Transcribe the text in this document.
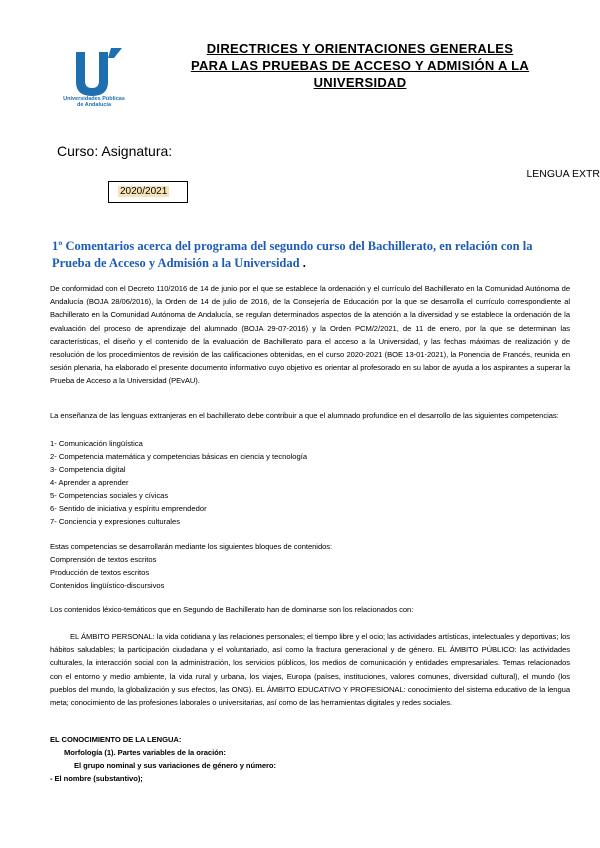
Universidades Públicas
de Andalucía
DIRECTRICES Y ORIENTACIONES GENERALES
PARA LAS PRUEBAS DE ACCESO Y ADMISIÓN A LA
UNIVERSIDAD
Curso: Asignatura:
LENGUA EXTR
2020/2021
1º Comentarios acerca del programa del segundo curso del Bachillerato, en relación con la Prueba de Acceso y Admisión a la Universidad .
De conformidad con el Decreto 110/2016 de 14 de junio por el que se establece la ordenación y el currículo del Bachillerato en la Comunidad Autónoma de Andalucía (BOJA 28/06/2016), la Orden de 14 de julio de 2016, de la Consejería de Educación por la que se desarrolla el currículo correspondiente al Bachillerato en la Comunidad Autónoma de Andalucía, se regulan determinados aspectos de la atención a la diversidad y se establece la ordenación de la evaluación del proceso de aprendizaje del alumnado (BOJA 29-07-2016) y la Orden PCM/2/2021, de 11 de enero, por la que se determinan las características, el diseño y el contenido de la evaluación de Bachillerato para el acceso a la Universidad, y las fechas máximas de realización y de resolución de los procedimientos de revisión de las calificaciones obtenidas, en el curso 2020-2021 (BOE 13-01-2021), la Ponencia de Francés, reunida en sesión plenaria, ha elaborado el presente documento informativo cuyo objetivo es orientar al profesorado en su labor de ayuda a los aspirantes a superar la Prueba de Acceso a la Universidad (PEvAU).
La enseñanza de las lenguas extranjeras en el bachillerato debe contribuir a que el alumnado profundice en el desarrollo de las siguientes competencias:
1- Comunicación lingüística
2- Competencia matemática y competencias básicas en ciencia y tecnología
3- Competencia digital
4- Aprender a aprender
5- Competencias sociales y cívicas
6- Sentido de iniciativa y espíritu emprendedor
7- Conciencia y expresiones culturales
Estas competencias se desarrollarán mediante los siguientes bloques de contenidos:
Comprensión de textos escritos
Producción de textos escritos
Contenidos lingüístico-discursivos
Los contenidos léxico-temáticos que en Segundo de Bachillerato han de dominarse son los relacionados con:
EL ÁMBITO PERSONAL: la vida cotidiana y las relaciones personales; el tiempo libre y el ocio; las actividades artísticas, intelectuales y deportivas; los hábitos saludables; la participación ciudadana y el voluntariado, así como la fractura generacional y de género. EL ÁMBITO PÚBLICO: las actividades culturales, la interacción social con la administración, los servicios públicos, los medios de comunicación y entidades empresariales. Temas relacionados con el entorno y medio ambiente, la vida rural y urbana, los viajes, Europa (países, instituciones, valores comunes, diversidad cultural), el mundo (los pueblos del mundo, la globalización y sus efectos, las ONG). EL ÁMBITO EDUCATIVO Y PROFESIONAL: conocimiento del sistema educativo de la lengua meta; conocimiento de las profesiones laborales o universitarias, así como de las herramientas digitales y redes sociales.
EL CONOCIMIENTO DE LA LENGUA:
Morfología (1). Partes variables de la oración:
El grupo nominal y sus variaciones de género y número:
- El nombre (substantivo);
